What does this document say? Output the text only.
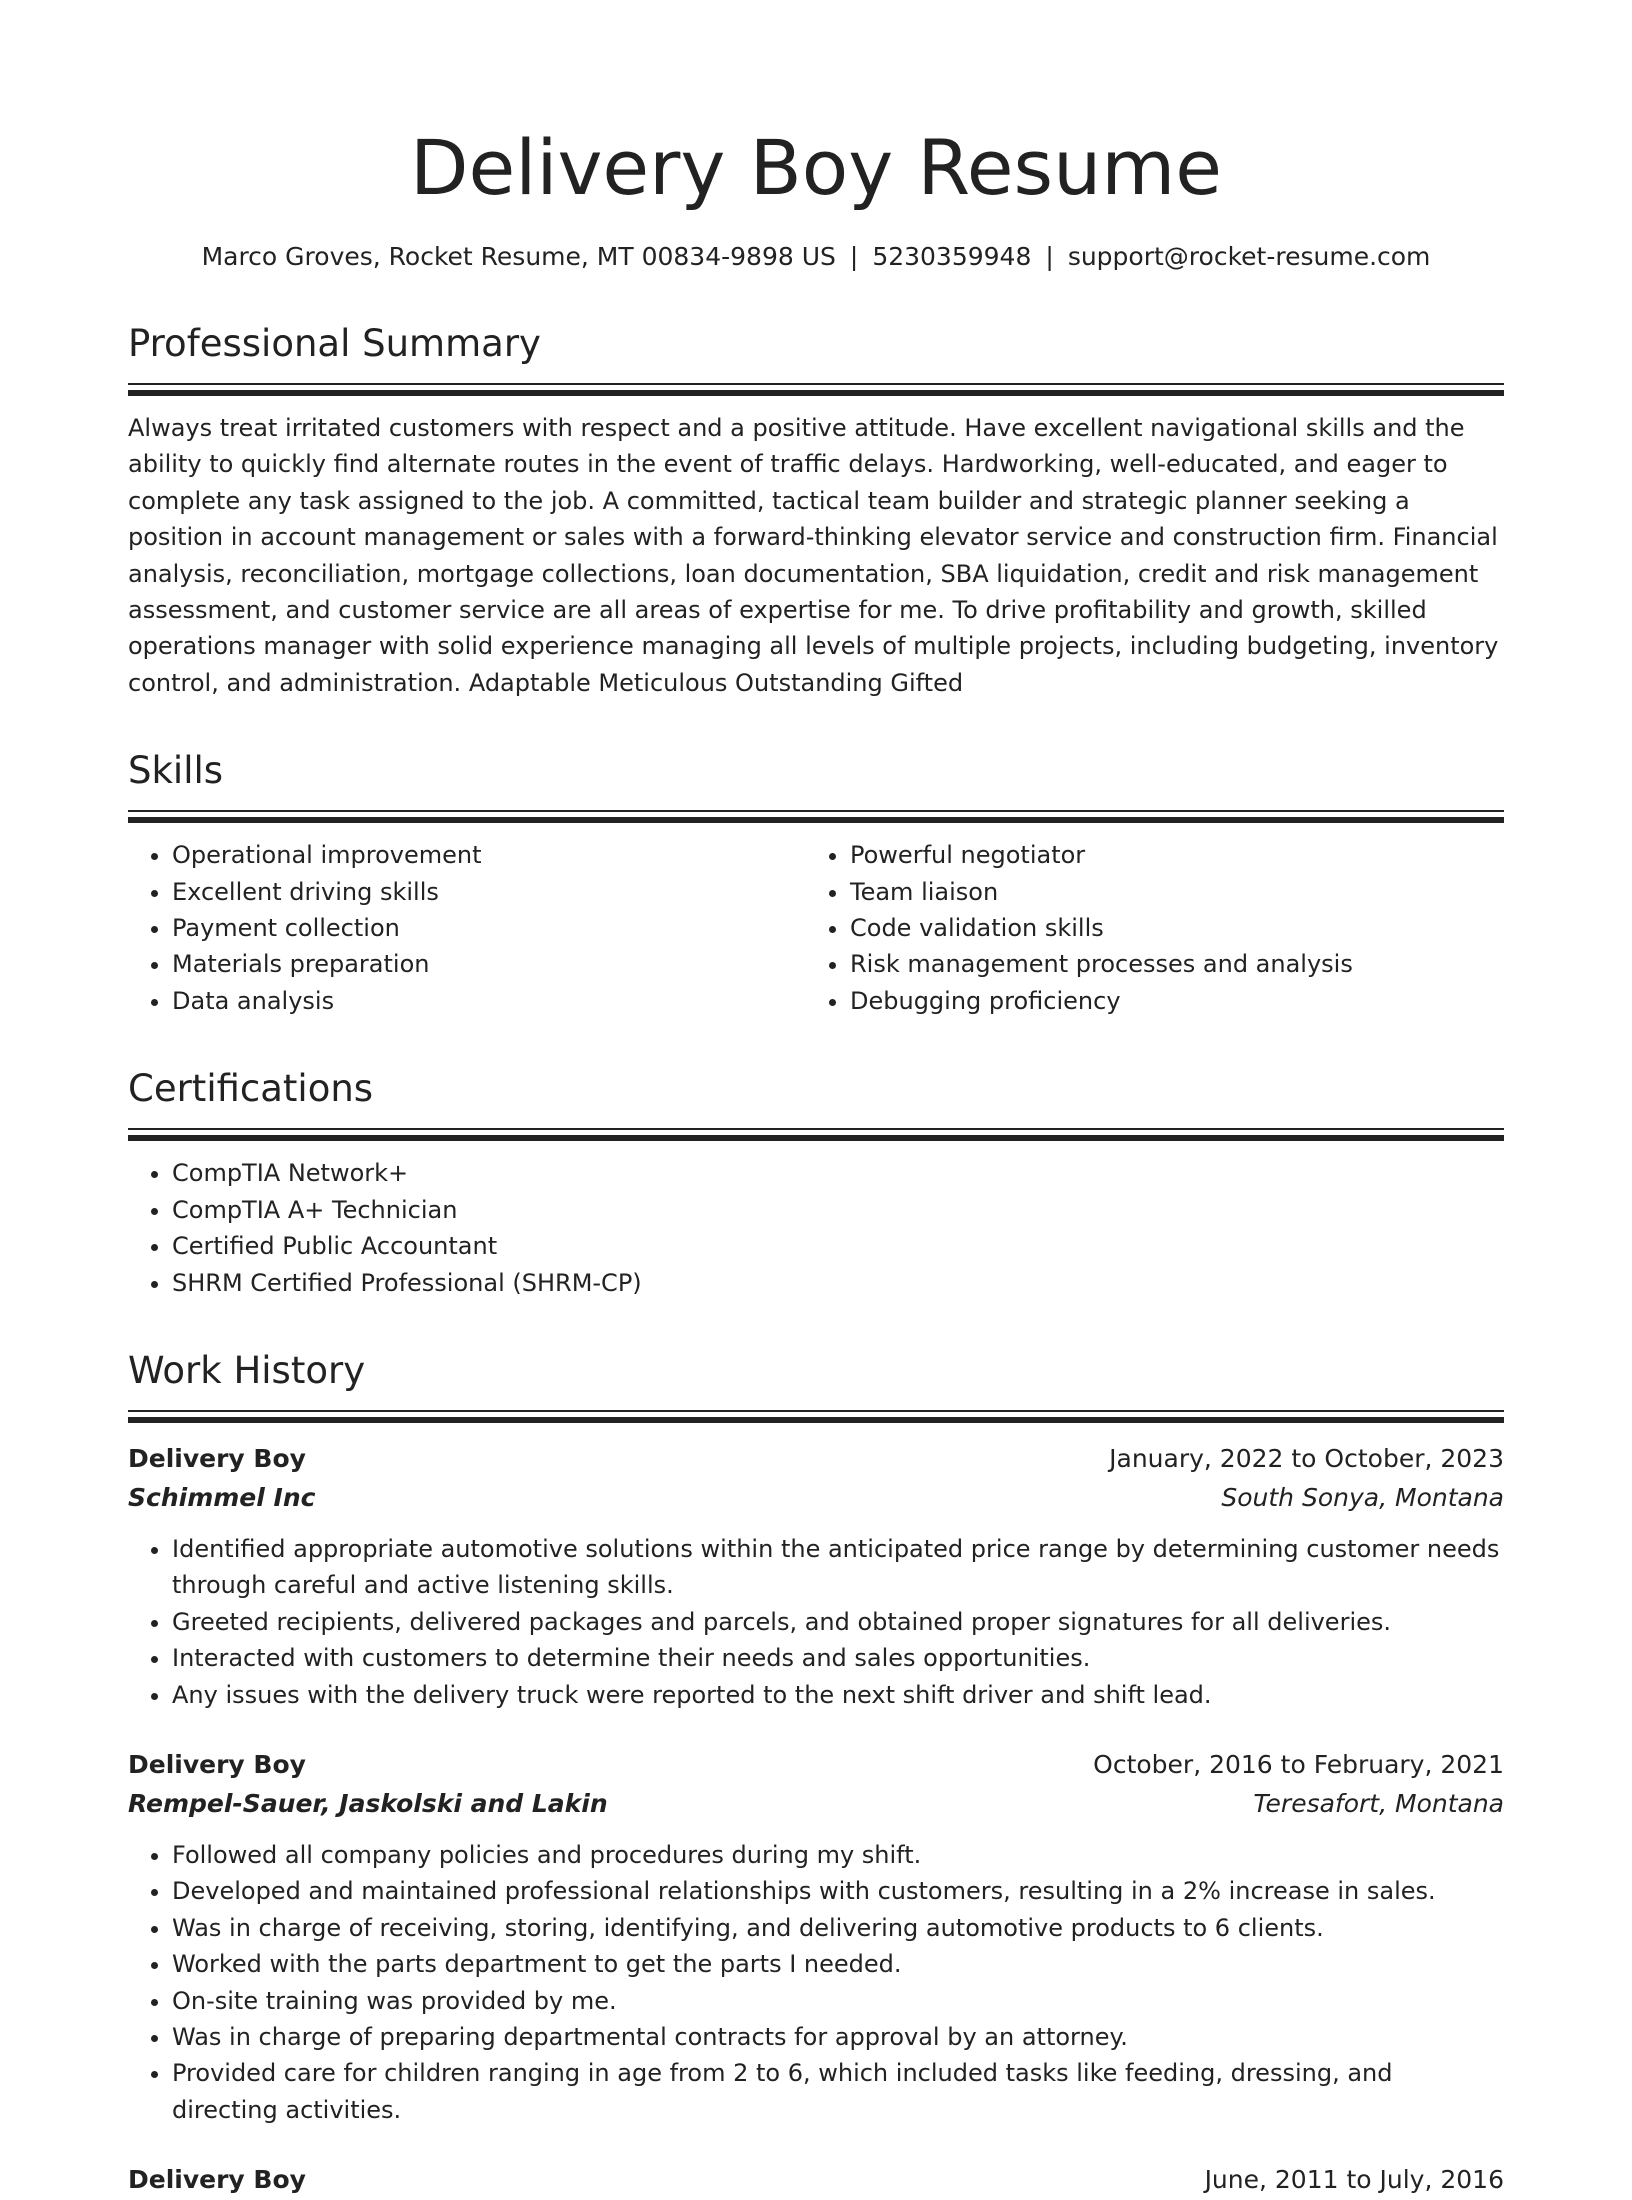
Delivery Boy Resume
Marco Groves, Rocket Resume, MT 00834-9898 US | 5230359948 | support@rocket-resume.com
Professional Summary
Always treat irritated customers with respect and a positive attitude. Have excellent navigational skills and the ability to quickly find alternate routes in the event of traffic delays. Hardworking, well-educated, and eager to complete any task assigned to the job. A committed, tactical team builder and strategic planner seeking a position in account management or sales with a forward-thinking elevator service and construction firm. Financial analysis, reconciliation, mortgage collections, loan documentation, SBA liquidation, credit and risk management assessment, and customer service are all areas of expertise for me. To drive profitability and growth, skilled operations manager with solid experience managing all levels of multiple projects, including budgeting, inventory control, and administration. Adaptable Meticulous Outstanding Gifted
Skills
• Operational improvement
• Excellent driving skills
• Payment collection
• Materials preparation
• Data analysis
• Powerful negotiator
• Team liaison
• Code validation skills
• Risk management processes and analysis
• Debugging proficiency
Certifications
• CompTIA Network+
• CompTIA A+ Technician
• Certified Public Accountant
• SHRM Certified Professional (SHRM-CP)
Work History
Delivery Boy	January, 2022 to October, 2023
Schimmel Inc	South Sonya, Montana
• Identified appropriate automotive solutions within the anticipated price range by determining customer needs through careful and active listening skills.
• Greeted recipients, delivered packages and parcels, and obtained proper signatures for all deliveries.
• Interacted with customers to determine their needs and sales opportunities.
• Any issues with the delivery truck were reported to the next shift driver and shift lead.
Delivery Boy	October, 2016 to February, 2021
Rempel-Sauer, Jaskolski and Lakin	Teresafort, Montana
• Followed all company policies and procedures during my shift.
• Developed and maintained professional relationships with customers, resulting in a 2% increase in sales.
• Was in charge of receiving, storing, identifying, and delivering automotive products to 6 clients.
• Worked with the parts department to get the parts I needed.
• On-site training was provided by me.
• Was in charge of preparing departmental contracts for approval by an attorney.
• Provided care for children ranging in age from 2 to 6, which included tasks like feeding, dressing, and directing activities.
Delivery Boy	June, 2011 to July, 2016
